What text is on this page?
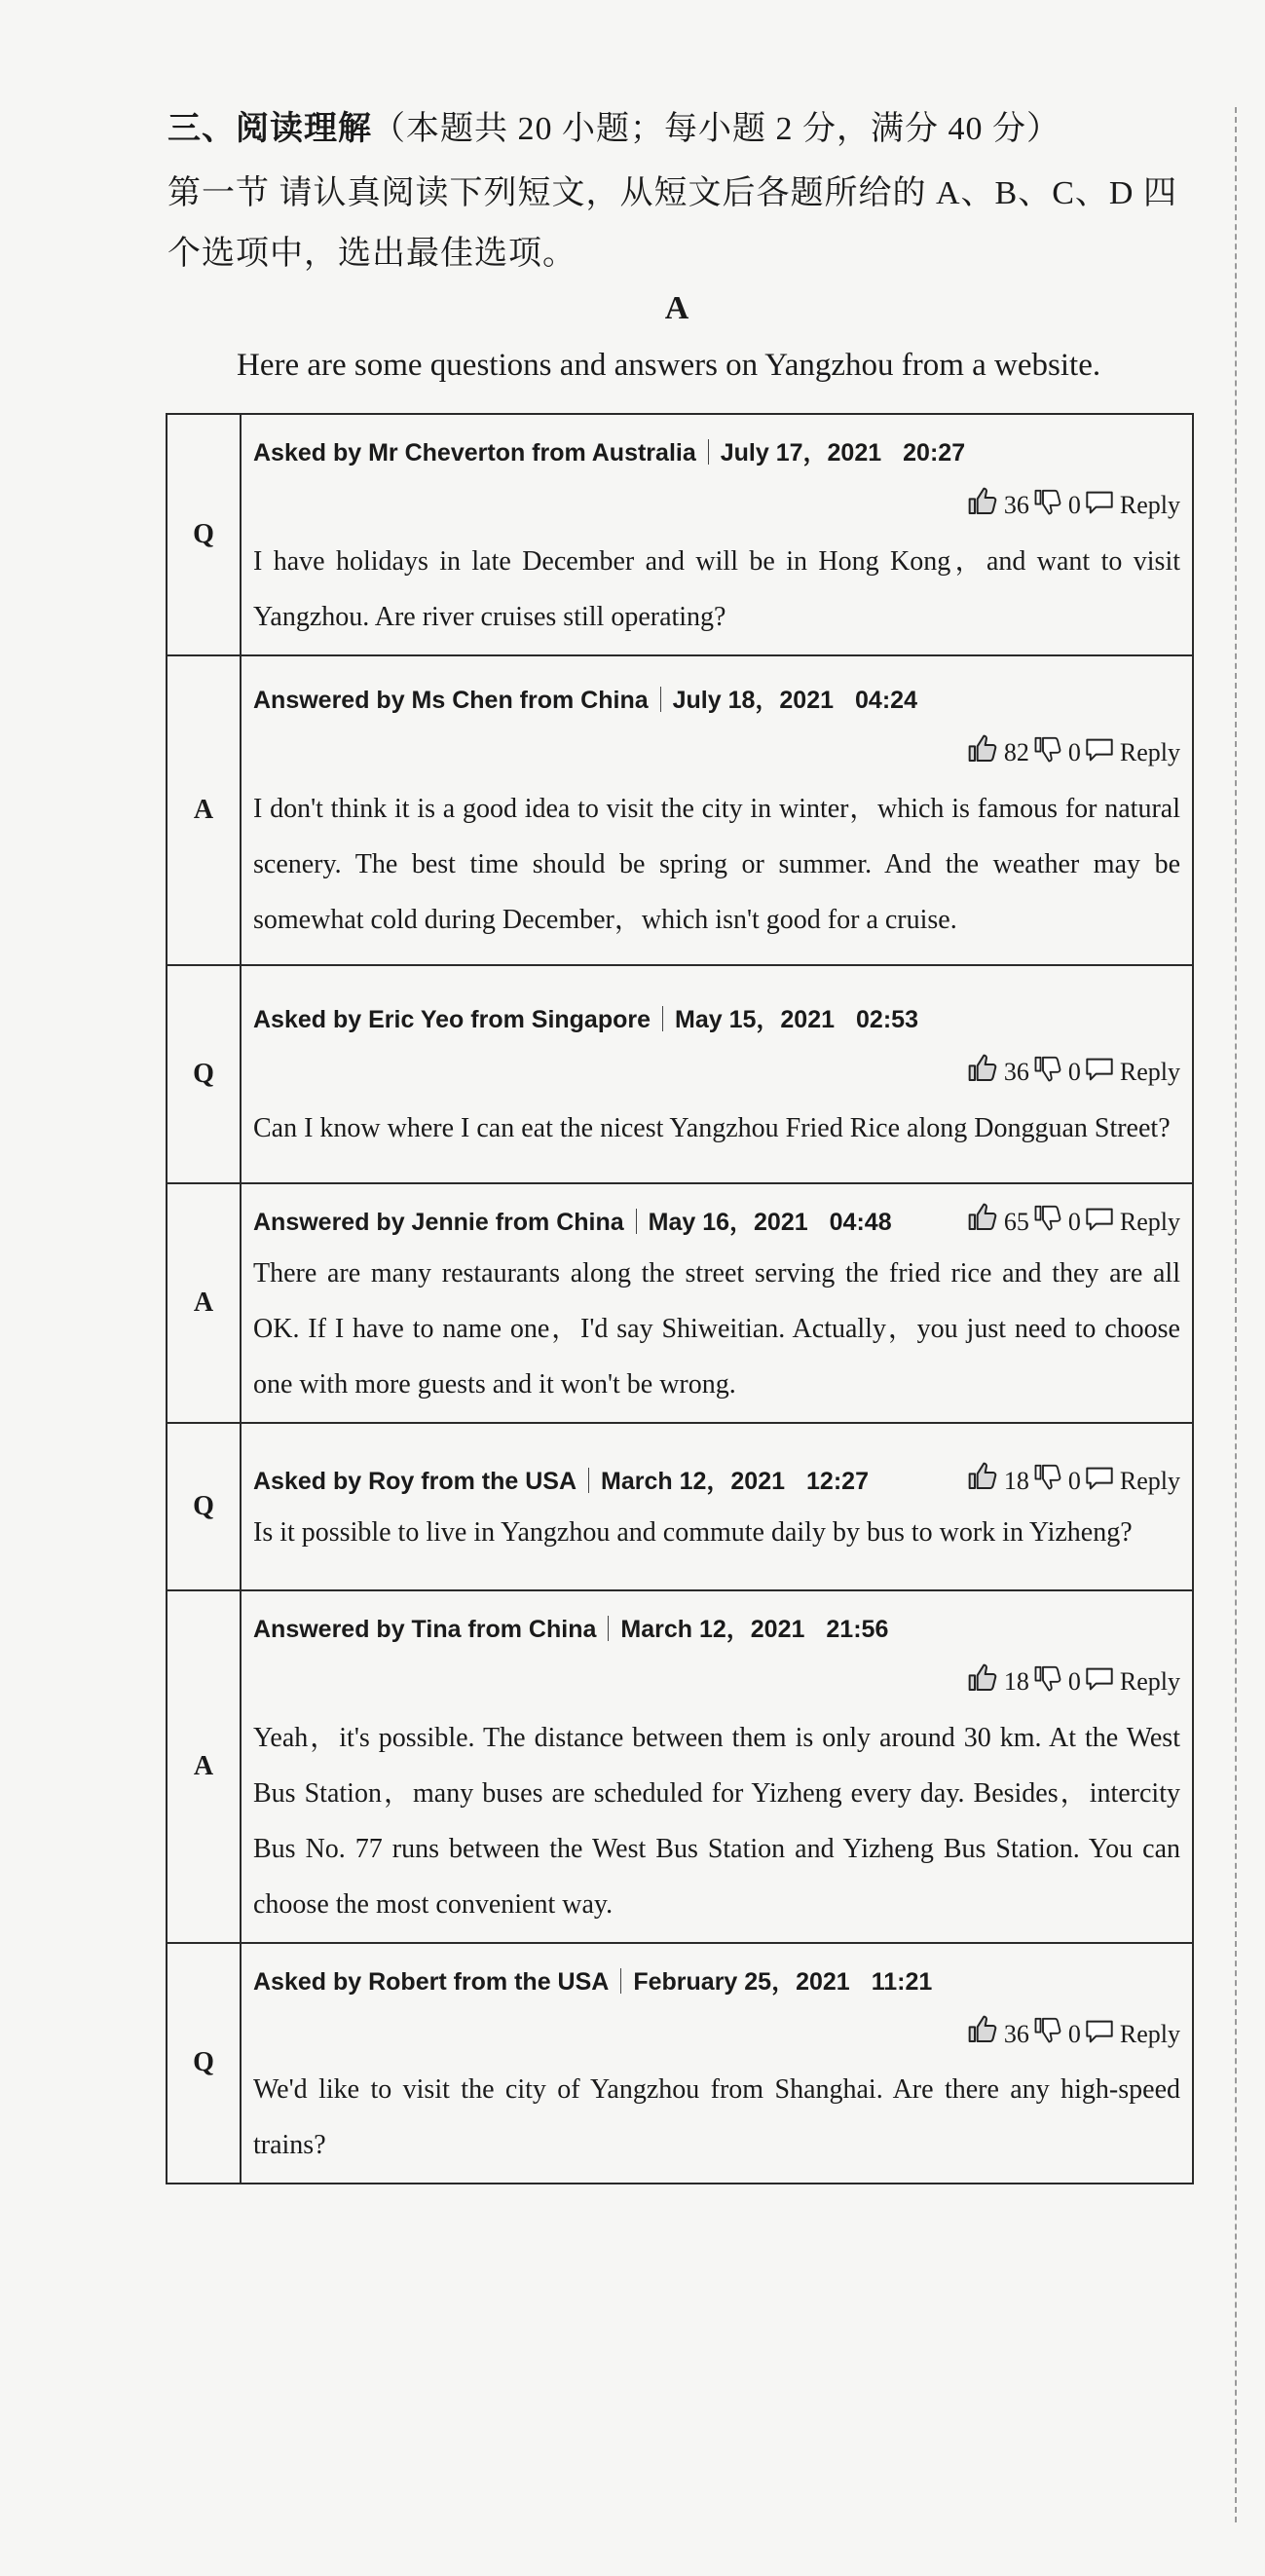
三、阅读理解（本题共 20 小题；每小题 2 分，满分 40 分）
第一节 请认真阅读下列短文，从短文后各题所给的 A、B、C、D 四个选项中，选出最佳选项。
A
Here are some questions and answers on Yangzhou from a website.
Q	Asked by Mr Cheverton from Australia July 17，2021 20:27
36 0 Reply
I have holidays in late December and will be in Hong Kong，and want to visit Yangzhou. Are river cruises still operating?

A	Answered by Ms Chen from China July 18，2021 04:24
82 0 Reply
I don't think it is a good idea to visit the city in winter，which is famous for natural scenery. The best time should be spring or summer. And the weather may be somewhat cold during December，which isn't good for a cruise.

Q	Asked by Eric Yeo from Singapore May 15，2021 02:53
36 0 Reply
Can I know where I can eat the nicest Yangzhou Fried Rice along Dongguan Street?

A	65 0 Reply
Answered by Jennie from China May 16，2021 04:48
There are many restaurants along the street serving the fried rice and they are all OK. If I have to name one，I'd say Shiweitian. Actually，you just need to choose one with more guests and it won't be wrong.

Q	18 0 Reply
Asked by Roy from the USA March 12，2021 12:27
Is it possible to live in Yangzhou and commute daily by bus to work in Yizheng?

A	Answered by Tina from China March 12，2021 21:56
18 0 Reply
Yeah，it's possible. The distance between them is only around 30 km. At the West Bus Station，many buses are scheduled for Yizheng every day. Besides，intercity Bus No. 77 runs between the West Bus Station and Yizheng Bus Station. You can choose the most convenient way.

Q	Asked by Robert from the USA February 25，2021 11:21
36 0 Reply
We'd like to visit the city of Yangzhou from Shanghai. Are there any high-speed trains?
